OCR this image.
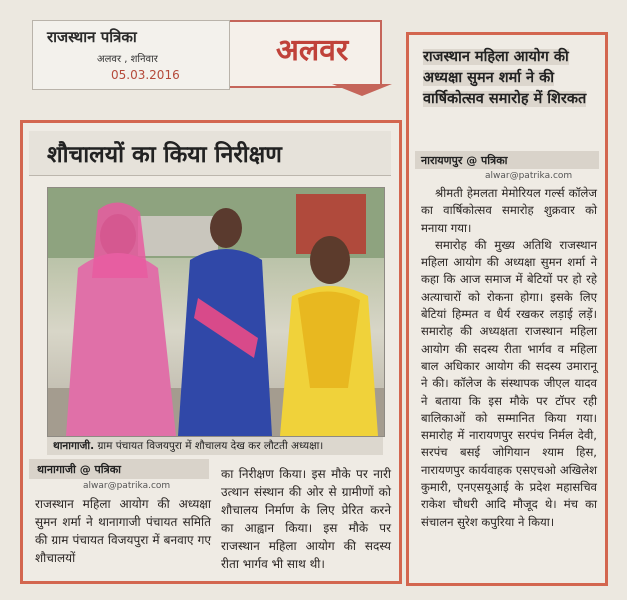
राजस्थान पत्रिका
अलवर , शनिवार
05.03.2016
अलवर
शौचालयों का किया निरीक्षण
थानागाजी. ग्राम पंचायत विजयपुरा में शौचालय देख कर लौटती अध्यक्षा।
थानागाजी @ पत्रिका
alwar@patrika.com
राजस्थान महिला आयोग की अध्यक्षा सुमन शर्मा ने थानागाजी पंचायत समिति की ग्राम पंचायत विजयपुरा में बनवाए गए शौचालयों
का निरीक्षण किया। इस मौके पर नारी उत्थान संस्थान की ओर से ग्रामीणों को शौचालय निर्माण के लिए प्रेरित करने का आह्वान किया। इस मौके पर राजस्थान महिला आयोग की सदस्य रीता भार्गव भी साथ थी।
राजस्थान महिला आयोग की अध्यक्षा सुमन शर्मा ने की वार्षिकोत्सव समारोह में शिरकत
नारायणपुर @ पत्रिका
alwar@patrika.com

श्रीमती हेमलता मेमोरियल गर्ल्स कॉलेज का वार्षिकोत्सव समारोह शुक्रवार को मनाया गया।

समारोह की मुख्य अतिथि राजस्थान महिला आयोग की अध्यक्षा सुमन शर्मा ने कहा कि आज समाज में बेटियों पर हो रहे अत्याचारों को रोकना होगा। इसके लिए बेटियां हिम्मत व धैर्य रखकर लड़ाई लड़ें। समारोह की अध्यक्षता राजस्थान महिला आयोग की सदस्य रीता भार्गव व महिला बाल अधिकार आयोग की सदस्य उमारानू ने की। कॉलेज के संस्थापक जीएल यादव ने बताया कि इस मौके पर टॉपर रही बालिकाओं को सम्मानित किया गया। समारोह में नारायणपुर सरपंच निर्मल देवी, सरपंच बसई जोगियान श्याम हिस, नारायणपुर कार्यवाहक एसएचओ अखिलेश कुमारी, एनएसयूआई के प्रदेश महासचिव राकेश चौधरी आदि मौजूद थे। मंच का संचालन सुरेश कपुरिया ने किया।
